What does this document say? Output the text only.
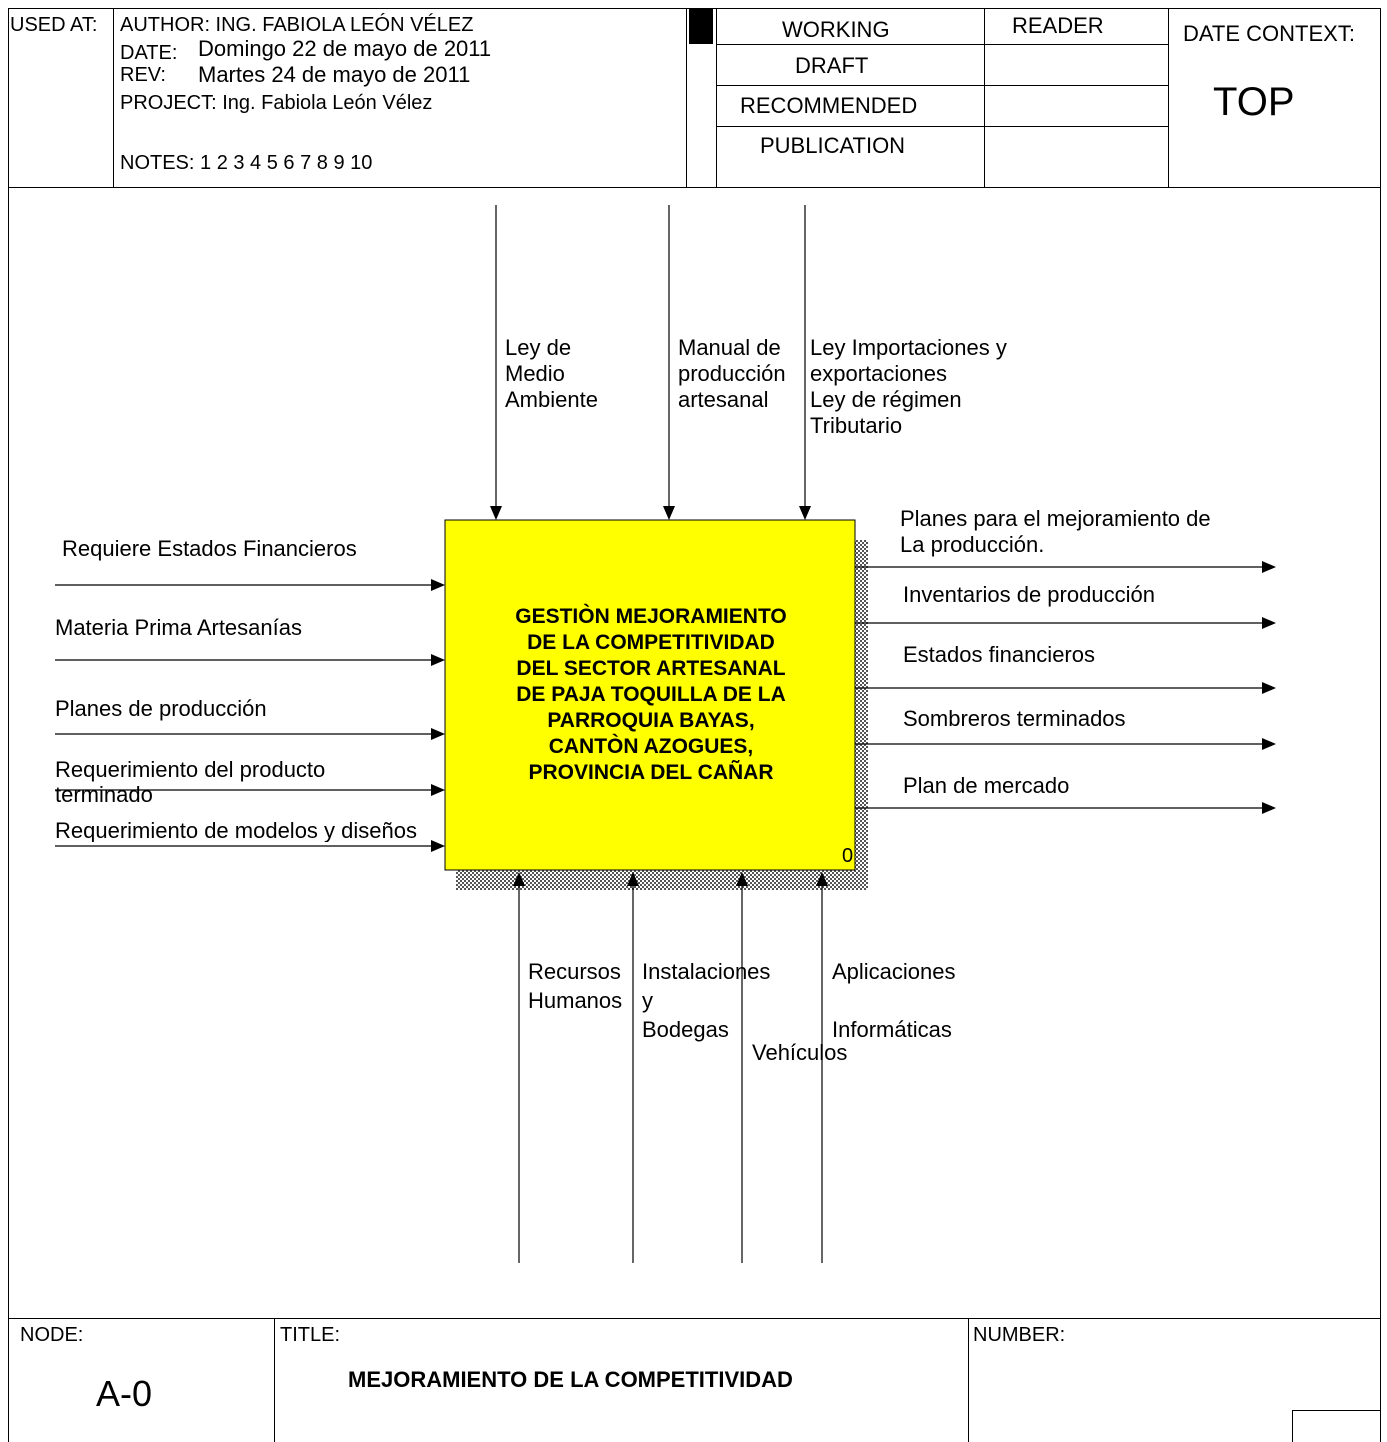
USED AT: AUTHOR: ING. FABIOLA LEÓN VÉLEZ
DATE: Domingo 22 de mayo de 2011
REV: Martes 24 de mayo de 2011
PROJECT: Ing. Fabiola León Vélez
NOTES: 1 2 3 4 5 6 7 8 9 10
WORKING
DRAFT
RECOMMENDED
PUBLICATION
READER	DATE CONTEXT:
TOP
GESTIÒN MEJORAMIENTO
DE LA COMPETITIVIDAD
DEL SECTOR ARTESANAL
DE PAJA TOQUILLA DE LA
PARROQUIA BAYAS,
CANTÒN AZOGUES,
PROVINCIA DEL CAÑAR
0
Ley de
Medio
Ambiente
Manual de
producción
artesanal
Ley Importaciones y
exportaciones
Ley de régimen
Tributario
Requiere Estados Financieros
Materia Prima Artesanías
Planes de producción
Requerimiento del producto
terminado
Requerimiento de modelos y diseños
Planes para el mejoramiento de
La producción.
Inventarios de producción
Estados financieros
Sombreros terminados
Plan de mercado
Recursos
Humanos
Instalaciones
y
Bodegas
Vehículos
Aplicaciones

Informáticas
NODE:
A-0
TITLE:
MEJORAMIENTO DE LA COMPETITIVIDAD
NUMBER:
